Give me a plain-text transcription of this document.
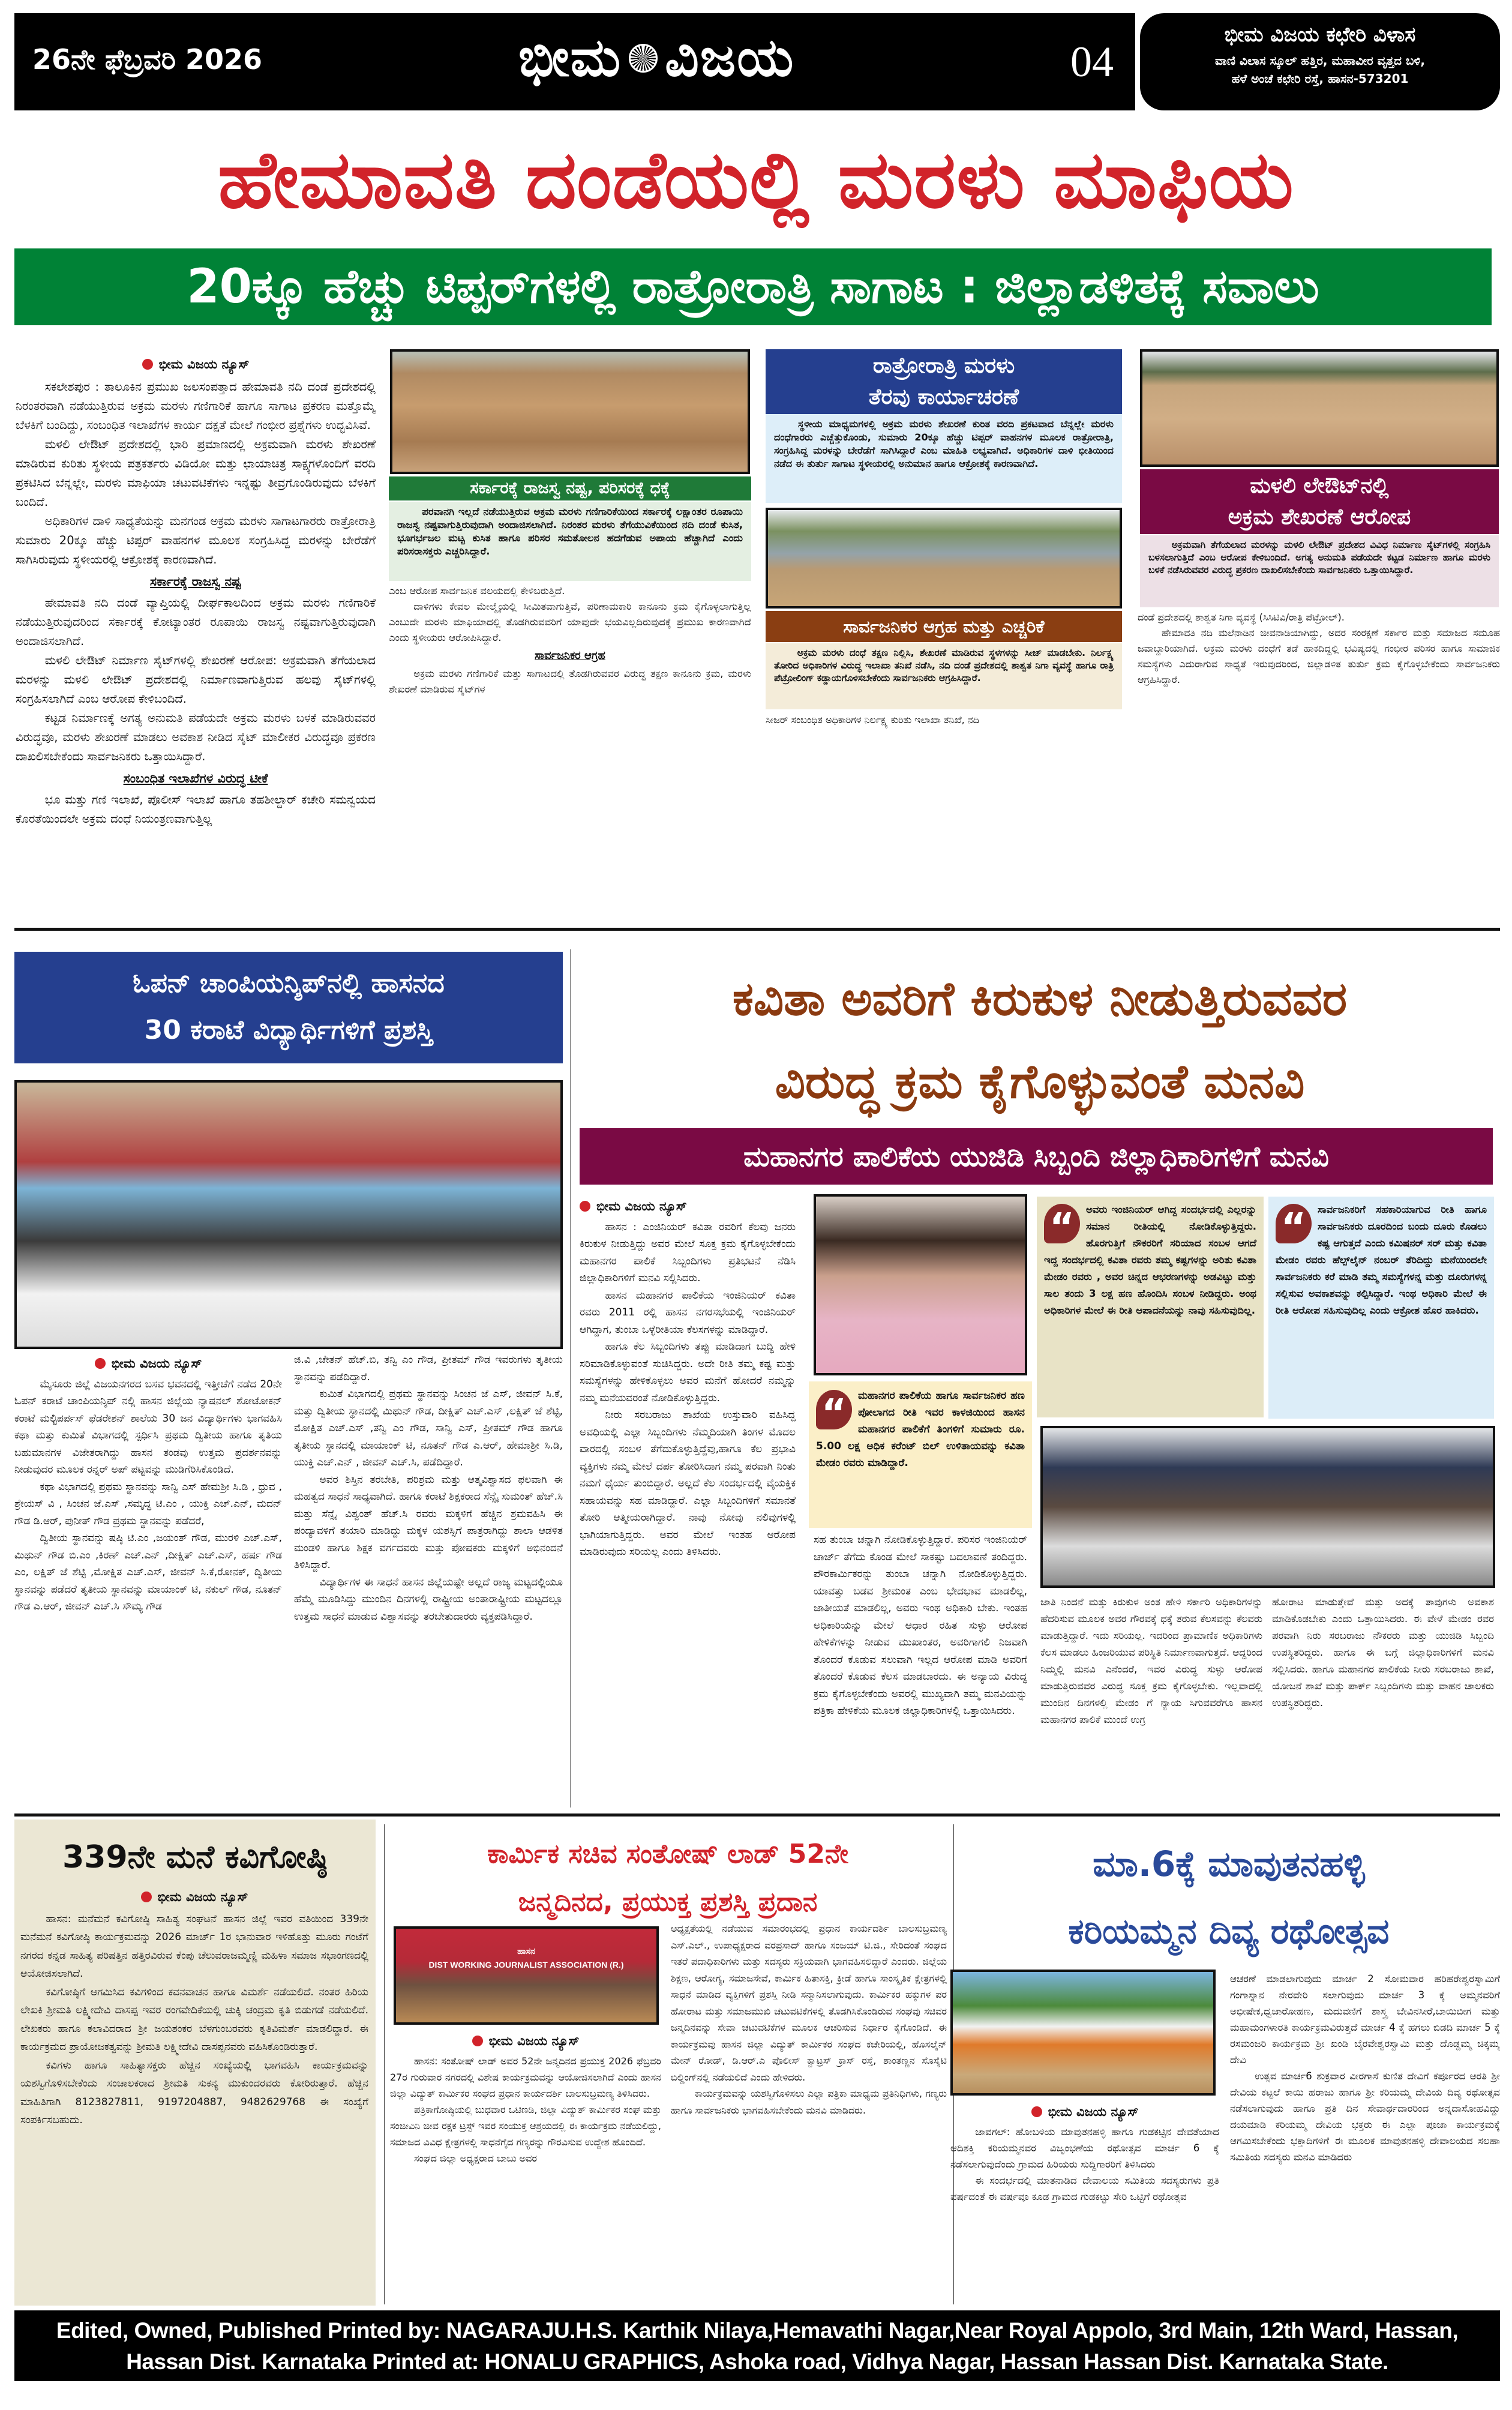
26ನೇ ಫೆಬ್ರವರಿ 2026	ಭೀಮ ವಿಜಯ	04
ಭೀಮ ವಿಜಯ ಕಛೇರಿ ವಿಳಾಸ
ವಾಣಿ ವಿಲಾಸ ಸ್ಕೂಲ್ ಹತ್ತಿರ, ಮಹಾವೀರ ವೃತ್ತದ ಬಳಿ,
ಹಳೆ ಅಂಚೆ ಕಛೇರಿ ರಸ್ತೆ, ಹಾಸನ-573201
ಹೇಮಾವತಿ ದಂಡೆಯಲ್ಲಿ ಮರಳು ಮಾಫಿಯ
20ಕ್ಕೂ ಹೆಚ್ಚು ಟಿಪ್ಪರ್‌ಗಳಲ್ಲಿ ರಾತ್ರೋರಾತ್ರಿ ಸಾಗಾಟ : ಜಿಲ್ಲಾಡಳಿತಕ್ಕೆ ಸವಾಲು
ಭೀಮ ವಿಜಯ ನ್ಯೂಸ್

ಸಕಲೇಶಪುರ : ತಾಲೂಕಿನ ಪ್ರಮುಖ ಜಲಸಂಪತ್ತಾದ ಹೇಮಾವತಿ ನದಿ ದಂಡೆ ಪ್ರದೇಶದಲ್ಲಿ ನಿರಂತರವಾಗಿ ನಡೆಯುತ್ತಿರುವ ಅಕ್ರಮ ಮರಳು ಗಣಿಗಾರಿಕೆ ಹಾಗೂ ಸಾಗಾಟ ಪ್ರಕರಣ ಮತ್ತೊಮ್ಮೆ ಬೆಳಕಿಗೆ ಬಂದಿದ್ದು, ಸಂಬಂಧಿತ ಇಲಾಖೆಗಳ ಕಾರ್ಯ ದಕ್ಷತೆ ಮೇಲೆ ಗಂಭೀರ ಪ್ರಶ್ನೆಗಳು ಉದ್ಭವಿಸಿವೆ.

ಮಳಲಿ ಲೇಔಟ್ ಪ್ರದೇಶದಲ್ಲಿ ಭಾರಿ ಪ್ರಮಾಣದಲ್ಲಿ ಅಕ್ರಮವಾಗಿ ಮರಳು ಶೇಖರಣೆ ಮಾಡಿರುವ ಕುರಿತು ಸ್ಥಳೀಯ ಪತ್ರಕರ್ತರು ವಿಡಿಯೋ ಮತ್ತು ಛಾಯಾಚಿತ್ರ ಸಾಕ್ಷ್ಯಗಳೊಂದಿಗೆ ವರದಿ ಪ್ರಕಟಿಸಿದ ಬೆನ್ನಲ್ಲೇ, ಮರಳು ಮಾಫಿಯಾ ಚಟುವಟಿಕೆಗಳು ಇನ್ನಷ್ಟು ತೀವ್ರಗೊಂಡಿರುವುದು ಬೆಳಕಿಗೆ ಬಂದಿದೆ.

ಅಧಿಕಾರಿಗಳ ದಾಳಿ ಸಾಧ್ಯತೆಯನ್ನು ಮನಗಂಡ ಅಕ್ರಮ ಮರಳು ಸಾಗಾಟಗಾರರು ರಾತ್ರೋರಾತ್ರಿ ಸುಮಾರು 20ಕ್ಕೂ ಹೆಚ್ಚು ಟಿಪ್ಪರ್ ವಾಹನಗಳ ಮೂಲಕ ಸಂಗ್ರಹಿಸಿದ್ದ ಮರಳನ್ನು ಬೇರೆಡೆಗೆ ಸಾಗಿಸಿರುವುದು ಸ್ಥಳೀಯರಲ್ಲಿ ಆಕ್ರೋಶಕ್ಕೆ ಕಾರಣವಾಗಿದೆ.

ಸರ್ಕಾರಕ್ಕೆ ರಾಜಸ್ವ ನಷ್ಟ

ಹೇಮಾವತಿ ನದಿ ದಂಡೆ ವ್ಯಾಪ್ತಿಯಲ್ಲಿ ದೀರ್ಘಕಾಲದಿಂದ ಅಕ್ರಮ ಮರಳು ಗಣಿಗಾರಿಕೆ ನಡೆಯುತ್ತಿರುವುದರಿಂದ ಸರ್ಕಾರಕ್ಕೆ ಕೋಟ್ಯಾಂತರ ರೂಪಾಯಿ ರಾಜಸ್ವ ನಷ್ಟವಾಗುತ್ತಿರುವುದಾಗಿ ಅಂದಾಜಿಸಲಾಗಿದೆ.

ಮಳಲಿ ಲೇಔಟ್ ನಿರ್ಮಾಣ ಸೈಟ್‌ಗಳಲ್ಲಿ ಶೇಖರಣೆ ಆರೋಪ: ಅಕ್ರಮವಾಗಿ ತೆಗೆಯಲಾದ ಮರಳನ್ನು ಮಳಲಿ ಲೇಔಟ್ ಪ್ರದೇಶದಲ್ಲಿ ನಿರ್ಮಾಣವಾಗುತ್ತಿರುವ ಹಲವು ಸೈಟ್‌ಗಳಲ್ಲಿ ಸಂಗ್ರಹಿಸಲಾಗಿದೆ ಎಂಬ ಆರೋಪ ಕೇಳಿಬಂದಿದೆ.

ಕಟ್ಟಡ ನಿರ್ಮಾಣಕ್ಕೆ ಅಗತ್ಯ ಅನುಮತಿ ಪಡೆಯದೇ ಅಕ್ರಮ ಮರಳು ಬಳಕೆ ಮಾಡಿರುವವರ ವಿರುದ್ಧವೂ, ಮರಳು ಶೇಖರಣೆ ಮಾಡಲು ಅವಕಾಶ ನೀಡಿದ ಸೈಟ್ ಮಾಲೀಕರ ವಿರುದ್ಧವೂ ಪ್ರಕರಣ ದಾಖಲಿಸಬೇಕೆಂದು ಸಾರ್ವಜನಿಕರು ಒತ್ತಾಯಿಸಿದ್ದಾರೆ.

ಸಂಬಂಧಿತ ಇಲಾಖೆಗಳ ವಿರುದ್ಧ ಟೀಕೆ

ಭೂ ಮತ್ತು ಗಣಿ ಇಲಾಖೆ, ಪೊಲೀಸ್ ಇಲಾಖೆ ಹಾಗೂ ತಹಶೀಲ್ದಾರ್ ಕಚೇರಿ ಸಮನ್ವಯದ ಕೊರತೆಯಿಂದಲೇ ಅಕ್ರಮ ದಂಧೆ ನಿಯಂತ್ರಣವಾಗುತ್ತಿಲ್ಲ

ಸರ್ಕಾರಕ್ಕೆ ರಾಜಸ್ವ ನಷ್ಟ, ಪರಿಸರಕ್ಕೆ ಧಕ್ಕೆ

ಪರವಾನಗಿ ಇಲ್ಲದೆ ನಡೆಯುತ್ತಿರುವ ಅಕ್ರಮ ಮರಳು ಗಣಿಗಾರಿಕೆಯಿಂದ ಸರ್ಕಾರಕ್ಕೆ ಲಕ್ಷಾಂತರ ರೂಪಾಯಿ ರಾಜಸ್ವ ನಷ್ಟವಾಗುತ್ತಿರುವುದಾಗಿ ಅಂದಾಜಿಸಲಾಗಿದೆ. ನಿರಂತರ ಮರಳು ತೆಗೆಯುವಿಕೆಯಿಂದ ನದಿ ದಂಡೆ ಕುಸಿತ, ಭೂಗರ್ಭಜಲ ಮಟ್ಟ ಕುಸಿತ ಹಾಗೂ ಪರಿಸರ ಸಮತೋಲನ ಹದಗೆಡುವ ಅಪಾಯ ಹೆಚ್ಚಾಗಿದೆ ಎಂದು ಪರಿಸರಾಸಕ್ತರು ಎಚ್ಚರಿಸಿದ್ದಾರೆ.

ಎಂಬ ಆರೋಪ ಸಾರ್ವಜನಿಕ ವಲಯದಲ್ಲಿ ಕೇಳಿಬರುತ್ತಿದೆ.

ದಾಳಿಗಳು ಕೇವಲ ಮೇಲ್ಮೈಯಲ್ಲಿ ಸೀಮಿತವಾಗುತ್ತಿವೆ, ಪರಿಣಾಮಕಾರಿ ಕಾನೂನು ಕ್ರಮ ಕೈಗೊಳ್ಳಲಾಗುತ್ತಿಲ್ಲ ಎಂಬುದೇ ಮರಳು ಮಾಫಿಯಾದಲ್ಲಿ ತೊಡಗಿರುವವರಿಗೆ ಯಾವುದೇ ಭಯವಿಲ್ಲದಿರುವುದಕ್ಕೆ ಪ್ರಮುಖ ಕಾರಣವಾಗಿದೆ ಎಂದು ಸ್ಥಳೀಯರು ಆರೋಪಿಸಿದ್ದಾರೆ.

ಸಾರ್ವಜನಿಕರ ಆಗ್ರಹ

ಅಕ್ರಮ ಮರಳು ಗಣಿಗಾರಿಕೆ ಮತ್ತು ಸಾಗಾಟದಲ್ಲಿ ತೊಡಗಿರುವವರ ವಿರುದ್ಧ ತಕ್ಷಣ ಕಾನೂನು ಕ್ರಮ, ಮರಳು ಶೇಖರಣೆ ಮಾಡಿರುವ ಸೈಟ್‌ಗಳ

ರಾತ್ರೋರಾತ್ರಿ ಮರಳು
ತೆರವು ಕಾರ್ಯಾಚರಣೆ

ಸ್ಥಳೀಯ ಮಾಧ್ಯಮಗಳಲ್ಲಿ ಅಕ್ರಮ ಮರಳು ಶೇಖರಣೆ ಕುರಿತ ವರದಿ ಪ್ರಕಟವಾದ ಬೆನ್ನಲ್ಲೇ ಮರಳು ದಂಧೆಗಾರರು ಎಚ್ಚೆತ್ತುಕೊಂಡು, ಸುಮಾರು 20ಕ್ಕೂ ಹೆಚ್ಚು ಟಿಪ್ಪರ್ ವಾಹನಗಳ ಮೂಲಕ ರಾತ್ರೋರಾತ್ರಿ, ಸಂಗ್ರಹಿಸಿದ್ದ ಮರಳನ್ನು ಬೇರೆಡೆಗೆ ಸಾಗಿಸಿದ್ದಾರೆ ಎಂಬ ಮಾಹಿತಿ ಲಭ್ಯವಾಗಿದೆ. ಅಧಿಕಾರಿಗಳ ದಾಳಿ ಭೀತಿಯಿಂದ ನಡೆದ ಈ ತುರ್ತು ಸಾಗಾಟ ಸ್ಥಳೀಯರಲ್ಲಿ ಅನುಮಾನ ಹಾಗೂ ಆಕ್ರೋಶಕ್ಕೆ ಕಾರಣವಾಗಿದೆ.

ಸಾರ್ವಜನಿಕರ ಆಗ್ರಹ ಮತ್ತು ಎಚ್ಚರಿಕೆ

ಅಕ್ರಮ ಮರಳು ದಂಧೆ ತಕ್ಷಣ ನಿಲ್ಲಿಸಿ, ಶೇಖರಣೆ ಮಾಡಿರುವ ಸ್ಥಳಗಳನ್ನು ಸೀಜ್ ಮಾಡಬೇಕು. ನಿರ್ಲಕ್ಷ್ಯ ತೋರಿದ ಅಧಿಕಾರಿಗಳ ವಿರುದ್ಧ ಇಲಾಖಾ ತನಿಖೆ ನಡೆಸಿ, ನದಿ ದಂಡೆ ಪ್ರದೇಶದಲ್ಲಿ ಶಾಶ್ವತ ನಿಗಾ ವ್ಯವಸ್ಥೆ ಹಾಗೂ ರಾತ್ರಿ ಪೆಟ್ರೋಲಿಂಗ್ ಕಡ್ಡಾಯಗೊಳಿಸಬೇಕೆಂದು ಸಾರ್ವಜನಿಕರು ಆಗ್ರಹಿಸಿದ್ದಾರೆ.

ಸೀಜರ್ ಸಂಬಂಧಿತ ಅಧಿಕಾರಿಗಳ ನಿರ್ಲಕ್ಷ್ಯ ಕುರಿತು ಇಲಾಖಾ ತನಿಖೆ, ನದಿ
ಮಳಲಿ ಲೇಔಟ್‌ನಲ್ಲಿ
ಅಕ್ರಮ ಶೇಖರಣೆ ಆರೋಪ

ಅಕ್ರಮವಾಗಿ ತೆಗೆಯಲಾದ ಮರಳನ್ನು ಮಳಲಿ ಲೇಔಟ್ ಪ್ರದೇಶದ ವಿವಿಧ ನಿರ್ಮಾಣ ಸೈಟ್‌ಗಳಲ್ಲಿ ಸಂಗ್ರಹಿಸಿ ಬಳಸಲಾಗುತ್ತಿದೆ ಎಂಬ ಆರೋಪ ಕೇಳಿಬಂದಿದೆ. ಅಗತ್ಯ ಅನುಮತಿ ಪಡೆಯದೇ ಕಟ್ಟಡ ನಿರ್ಮಾಣ ಹಾಗೂ ಮರಳು ಬಳಕೆ ನಡೆಸಿರುವವರ ವಿರುದ್ಧ ಪ್ರಕರಣ ದಾಖಲಿಸಬೇಕೆಂದು ಸಾರ್ವಜನಿಕರು ಒತ್ತಾಯಿಸಿದ್ದಾರೆ.

ದಂಡೆ ಪ್ರದೇಶದಲ್ಲಿ ಶಾಶ್ವತ ನಿಗಾ ವ್ಯವಸ್ಥೆ (ಸಿಸಿಟಿವಿ/ರಾತ್ರಿ ಪೆಟ್ರೋಲ್).

ಹೇಮಾವತಿ ನದಿ ಮಲೆನಾಡಿನ ಜೀವನಾಡಿಯಾಗಿದ್ದು, ಅದರ ಸಂರಕ್ಷಣೆ ಸರ್ಕಾರ ಮತ್ತು ಸಮಾಜದ ಸಮೂಹ ಜವಾಬ್ದಾರಿಯಾಗಿದೆ. ಅಕ್ರಮ ಮರಳು ದಂಧೆಗೆ ತಡೆ ಹಾಕದಿದ್ದಲ್ಲಿ ಭವಿಷ್ಯದಲ್ಲಿ ಗಂಭೀರ ಪರಿಸರ ಹಾಗೂ ಸಾಮಾಜಿಕ ಸಮಸ್ಯೆಗಳು ಎದುರಾಗುವ ಸಾಧ್ಯತೆ ಇರುವುದರಿಂದ, ಜಿಲ್ಲಾಡಳಿತ ತುರ್ತು ಕ್ರಮ ಕೈಗೊಳ್ಳಬೇಕೆಂದು ಸಾರ್ವಜನಿಕರು ಆಗ್ರಹಿಸಿದ್ದಾರೆ.

ಓಪನ್ ಚಾಂಪಿಯನ್ಶಿಪ್‌ನಲ್ಲಿ ಹಾಸನದ
30 ಕರಾಟೆ ವಿದ್ಯಾರ್ಥಿಗಳಿಗೆ ಪ್ರಶಸ್ತಿ
ಭೀಮ ವಿಜಯ ನ್ಯೂಸ್

ಮೈಸೂರು ಜಿಲ್ಲೆ ವಿಜಯನಗರದ ಬಸವ ಭವನದಲ್ಲಿ ಇತ್ತೀಚೆಗೆ ನಡೆದ 20ನೇ ಓಪನ್ ಕರಾಟೆ ಚಾಂಪಿಯನ್ಶಿಪ್ ನಲ್ಲಿ ಹಾಸನ ಜಿಲ್ಲೆಯ ನ್ಯಾಷನಲ್ ಶೋಟೋಕನ್ ಕರಾಟೆ ಮಲ್ಟಿಪರ್ಪಸ್ ಫೆಡರೇಶನ್ ಶಾಲೆಯ 30 ಜನ ವಿದ್ಯಾರ್ಥಿಗಳು ಭಾಗವಹಿಸಿ ಕಥಾ ಮತ್ತು ಕುಮಿತೆ ವಿಭಾಗದಲ್ಲಿ ಸ್ಪರ್ಧಿಸಿ ಪ್ರಥಮ ದ್ವಿತೀಯ ಹಾಗೂ ತೃತಿಯ ಬಹುಮಾನಗಳ ವಿಜೇತರಾಗಿದ್ದು ಹಾಸನ ತಂಡವು ಉತ್ತಮ ಪ್ರದರ್ಶನವನ್ನು ನೀಡುವುದರ ಮೂಲಕ ರನ್ನರ್ ಅಪ್ ಪಟ್ಟವನ್ನು ಮುಡಿಗೆರಿಸಿಕೊಂಡಿದೆ.

ಕಥಾ ವಿಭಾಗದಲ್ಲಿ ಪ್ರಥಮ ಸ್ಥಾನವನ್ನು ಸಾನ್ವಿ ಎಸ್ ಹೇಮಶ್ರೀ ಸಿ.ಡಿ , ಧ್ರುವ , ಶ್ರೇಯಸ್ ವಿ , ಸಿಂಚನ ಜೆ.ಎಸ್ ,ಸಮೃದ್ಧ ಟಿ.ಎಂ , ಯುಕ್ತಿ ಎಚ್.ಎನ್, ಮದನ್ ಗೌಡ ಡಿ.ಆರ್, ಪುನೀತ್ ಗೌಡ ಪ್ರಥಮ ಸ್ಥಾನವನ್ನು ಪಡೆದರೆ,

ದ್ವಿತೀಯ ಸ್ಥಾನವನ್ನು ಷಷ್ಠಿ ಟಿ.ಎಂ ,ಜಯಂತ್ ಗೌಡ, ಮುರಳಿ ಎಚ್.ಎಸ್, ಮಿಥುನ್ ಗೌಡ ಬಿ.ಎಂ ,ಕಿರಣ್ ಎಚ್.ಎನ್ ,ದೀಕ್ಷಿತ್ ಎಚ್.ಎಸ್, ಹರ್ಷ ಗೌಡ ಎಂ, ಲಕ್ಷಿತ್ ಜೆ ಶೆಟ್ಟಿ ,ಮೋಕ್ಷಿತ ಎಚ್.ಎಸ್, ಜೀವನ್ ಸಿ.ಕೆ,ರೋನಕ್, ದ್ವಿತೀಯ ಸ್ಥಾನವನ್ನು ಪಡೆದರೆ ತೃತೀಯ ಸ್ಥಾನವನ್ನು ಮಾಯಾಂಕ್ ಟಿ, ನಕುಲ್ ಗೌಡ, ನೂತನ್ ಗೌಡ ಎ.ಆರ್, ಜೀವನ್ ಎಚ್.ಸಿ ಸೌಮ್ಯ ಗೌಡ

ಜಿ.ವಿ ,ಚೇತನ್ ಹೆಚ್.ಬಿ, ತನ್ವಿ ಎಂ ಗೌಡ, ಪ್ರೀತಮ್ ಗೌಡ ಇವರುಗಳು ತೃತೀಯ ಸ್ಥಾನವನ್ನು ಪಡೆದಿದ್ದಾರೆ.

ಕುಮಿತೆ ವಿಭಾಗದಲ್ಲಿ ಪ್ರಥಮ ಸ್ಥಾನವನ್ನು ಸಿಂಚನ ಜೆ ಎಸ್, ಜೀವನ್ ಸಿ.ಕೆ, ಮತ್ತು ದ್ವಿತೀಯ ಸ್ಥಾನದಲ್ಲಿ ಮಿಥುನ್ ಗೌಡ, ದೀಕ್ಷಿತ್ ಎಚ್.ಎಸ್ ,ಲಕ್ಷಿತ್ ಜೆ ಶೆಟ್ಟಿ, ಮೋಕ್ಷಿತ ಎಚ್.ಎಸ್ ,ತನ್ವಿ ಎಂ ಗೌಡ, ಸಾನ್ವಿ ಎಸ್, ಪ್ರೀತಮ್ ಗೌಡ ಹಾಗೂ ತೃತೀಯ ಸ್ಥಾನದಲ್ಲಿ ಮಾಯಾಂಕ್ ಟಿ, ನೂತನ್ ಗೌಡ ಎ.ಆರ್, ಹೇಮಾಶ್ರೀ ಸಿ.ಡಿ, ಯುಕ್ತಿ ಎಚ್.ಎನ್ , ಜೀವನ್ ಎಚ್.ಸಿ, ಪಡೆದಿದ್ದಾರೆ.

ಅವರ ಶಿಸ್ತಿನ ತರಬೇತಿ, ಪರಿಶ್ರಮ ಮತ್ತು ಆತ್ಮವಿಶ್ವಾಸದ ಫಲವಾಗಿ ಈ ಮಹತ್ವದ ಸಾಧನೆ ಸಾಧ್ಯವಾಗಿದೆ. ಹಾಗೂ ಕರಾಟೆ ಶಿಕ್ಷಕರಾದ ಸೆನ್ಸೈ ಸುಮಂತ್ ಹೆಚ್.ಸಿ ಮತ್ತು ಸೆನ್ಸೈ ವಿಶ್ವಂತ್ ಹೆಚ್.ಸಿ ರವರು ಮಕ್ಕಳಿಗೆ ಹೆಚ್ಚಿನ ಶ್ರಮವಹಿಸಿ ಈ ಪಂದ್ಯಾವಳಿಗೆ ತಯಾರಿ ಮಾಡಿದ್ದು ಮಕ್ಕಳ ಯಶಸ್ಸಿಗೆ ಪಾತ್ರರಾಗಿದ್ದು ಶಾಲಾ ಆಡಳಿತ ಮಂಡಳಿ ಹಾಗೂ ಶಿಕ್ಷಕ ವರ್ಗದವರು ಮತ್ತು ಪೋಷಕರು ಮಕ್ಕಳಿಗೆ ಅಭಿನಂದನೆ ತಿಳಿಸಿದ್ದಾರೆ.

ವಿದ್ಯಾರ್ಥಿಗಳ ಈ ಸಾಧನೆ ಹಾಸನ ಜಿಲ್ಲೆಯಷ್ಟೇ ಅಲ್ಲದೆ ರಾಜ್ಯ ಮಟ್ಟದಲ್ಲಿಯೂ ಹೆಮ್ಮೆ ಮೂಡಿಸಿದ್ದು ಮುಂದಿನ ದಿನಗಳಲ್ಲಿ ರಾಷ್ಟ್ರೀಯ ಅಂತಾರಾಷ್ಟ್ರೀಯ ಮಟ್ಟದಲ್ಲೂ ಉತ್ತಮ ಸಾಧನೆ ಮಾಡುವ ವಿಶ್ವಾಸವನ್ನು ತರಬೇತುದಾರರು ವ್ಯಕ್ತಪಡಿಸಿದ್ದಾರೆ.

ಕವಿತಾ ಅವರಿಗೆ ಕಿರುಕುಳ ನೀಡುತ್ತಿರುವವರ
ವಿರುದ್ಧ ಕ್ರಮ ಕೈಗೊಳ್ಳುವಂತೆ ಮನವಿ
ಮಹಾನಗರ ಪಾಲಿಕೆಯ ಯುಜಿಡಿ ಸಿಬ್ಬಂದಿ ಜಿಲ್ಲಾಧಿಕಾರಿಗಳಿಗೆ ಮನವಿ
ಭೀಮ ವಿಜಯ ನ್ಯೂಸ್

ಹಾಸನ : ಎಂಜಿನಿಯರ್ ಕವಿತಾ ರವರಿಗೆ ಕೆಲವು ಜನರು ಕಿರುಕುಳ ನೀಡುತ್ತಿದ್ದು ಅವರ ಮೇಲೆ ಸೂಕ್ತ ಕ್ರಮ ಕೈಗೊಳ್ಳಬೇಕೆಂದು ಮಹಾನಗರ ಪಾಲಿಕೆ ಸಿಬ್ಬಂದಿಗಳು ಪ್ರತಿಭಟನೆ ನೆಡಿಸಿ ಜಿಲ್ಲಾಧಿಕಾರಿಗಳಿಗೆ ಮನವಿ ಸಲ್ಲಿಸಿದರು.

ಹಾಸನ ಮಹಾನಗರ ಪಾಲಿಕೆಯ ಇಂಜಿನಿಯರ್ ಕವಿತಾ ರವರು 2011 ರಲ್ಲಿ ಹಾಸನ ನಗರಸಭೆಯಲ್ಲಿ ಇಂಜಿನಿಯರ್ ಆಗಿದ್ದಾಗ, ತುಂಬಾ ಒಳ್ಳೆರೀತಿಯಾ ಕೆಲಸಗಳನ್ನು ಮಾಡಿದ್ದಾರೆ.

ಹಾಗೂ ಕೆಲ ಸಿಬ್ಬಂದಿಗಳು ತಪ್ಪು ಮಾಡಿದಾಗ ಬುದ್ಧಿ ಹೇಳಿ ಸರಿಮಾಡಿಕೊಳ್ಳುವಂತೆ ಸುಚಿಸಿದ್ದರು. ಅದೇ ರೀತಿ ತಮ್ಮ ಕಷ್ಟ ಮತ್ತು ಸಮಸ್ಯೆಗಳನ್ನು ಹೇಳಿಕೊಳ್ಳಲು ಅವರ ಮನೆಗೆ ಹೋದರೆ ನಮ್ಮನ್ನು ನಮ್ಮ ಮನೆಯವರಂತೆ ನೋಡಿಕೊಳ್ಳುತ್ತಿದ್ದರು.

ನೀರು ಸರಬರಾಜು ಶಾಖೆಯ ಉಸ್ತುವಾರಿ ವಹಿಸಿದ್ದ ಅವಧಿಯಲ್ಲಿ ಎಲ್ಲಾ ಸಿಬ್ಬಂದಿಗಳು ನೆಮ್ಮದಿಯಾಗಿ ತಿಂಗಳ ಮೊದಲ ವಾರದಲ್ಲಿ ಸಂಬಳ ತೆಗೆದುಕೊಳ್ಳುತ್ತಿದ್ದೆವು,ಹಾಗೂ ಕೆಲ ಪ್ರಭಾವಿ ವ್ಯಕ್ತಿಗಳು ನಮ್ಮ ಮೇಲೆ ದರ್ಪ ತೋರಿಸಿದಾಗ ನಮ್ಮ ಪರವಾಗಿ ನಿಂತು ನಮಗೆ ಧೈರ್ಯ ತುಂಬಿದ್ದಾರೆ. ಅಲ್ಲದೆ ಕೆಲ ಸಂದರ್ಭದಲ್ಲಿ ವೈಯಕ್ತಿಕ ಸಹಾಯವನ್ನು ಸಹ ಮಾಡಿದ್ದಾರೆ. ಎಲ್ಲಾ ಸಿಬ್ಬಂದಿಗಳಿಗೆ ಸಮಾನತೆ ತೋರಿ ಆತ್ಮೀಯರಾಗಿದ್ದಾರೆ. ನಾವು ನೋವು ನಲಿವುಗಳಲ್ಲಿ ಭಾಗಿಯಾಗುತ್ತಿದ್ದರು. ಅವರ ಮೇಲೆ ಇಂತಹ ಆರೋಪ ಮಾಡಿರುವುದು ಸರಿಯಲ್ಲ ಎಂದು ತಿಳಿಸಿದರು.

“	ಮಹಾನಗರ ಪಾಲಿಕೆಯ ಹಾಗೂ ಸಾರ್ವಜನಿಕರ ಹಣ ಪೋಲಾಗದ ರೀತಿ ಇವರ ಕಾಳಜಿಯಿಂದ ಹಾಸನ ಮಹಾನಗರ ಪಾಲಿಕೆಗೆ ತಿಂಗಳಿಗೆ ಸುಮಾರು ರೂ. 5.00 ಲಕ್ಷ ಅಧಿಕ ಕರೆಂಟ್ ಬಿಲ್ ಉಳಿತಾಯವನ್ನು ಕವಿತಾ ಮೇಡಂ ರವರು ಮಾಡಿದ್ದಾರೆ.
ಸಹ ತುಂಬಾ ಚನ್ನಾಗಿ ನೋಡಿಕೊಳ್ಳುತ್ತಿದ್ದಾರೆ. ಪರಿಸರ ಇಂಜಿನಿಯರ್ ಚಾರ್ಜ್ ತೆಗೆದು ಕೊಂಡ ಮೇಲೆ ಸಾಕಷ್ಟು ಬದಲಾವಣೆ ತಂದಿದ್ದರು. ಪೌರಕಾರ್ಮಿಕರನ್ನು ತುಂಬಾ ಚನ್ನಾಗಿ ನೋಡಿಕೊಳ್ಳುತ್ತಿದ್ದರು. ಯಾವತ್ತು ಬಡವ ಶ್ರೀಮಂತ ಎಂಬ ಭೇದಭಾವ ಮಾಡಲಿಲ್ಲ, ಜಾತೀಯತೆ ಮಾಡಲಿಲ್ಲ, ಅವರು ಇಂಥ ಅಧಿಕಾರಿ ಬೇಕು. ಇಂತಹ ಅಧಿಕಾರಿಯನ್ನು ಮೇಲೆ ಆಧಾರ ರಹಿತ ಸುಳ್ಳು ಆರೋಪ ಹೇಳಿಕೆಗಳನ್ನು ನೀಡುವ ಮುಖಾಂತರ, ಅವರಿಗಾಗಲಿ ನಿಜವಾಗಿ ತೊಂದರೆ ಕೊಡುವ ಸಲುವಾಗಿ ಇಲ್ಲದ ಆರೋಪ ಮಾಡಿ ಅವರಿಗೆ ತೊಂದರೆ ಕೊಡುವ ಕೆಲಸ ಮಾಡಬಾರದು. ಈ ಅನ್ಯಾಯ ವಿರುದ್ಧ ಕ್ರಮ ಕೈಗೊಳ್ಳಬೇಕೆಂದು ಅವರಲ್ಲಿ ಮುಖ್ಯವಾಗಿ ತಮ್ಮ ಮನವಿಯನ್ನು ಪತ್ರಿಕಾ ಹೇಳಿಕೆಯ ಮೂಲಕ ಜಿಲ್ಲಾಧಿಕಾರಿಗಳಲ್ಲಿ ಒತ್ತಾಯಿಸಿದರು.
“	ಅವರು ಇಂಜಿನಿಯರ್ ಆಗಿದ್ದ ಸಂದರ್ಭದಲ್ಲಿ ಎಲ್ಲರನ್ನು ಸಮಾನ ರೀತಿಯಲ್ಲಿ ನೋಡಿಕೊಳ್ಳುತ್ತಿದ್ದರು. ಹೊರಗುತ್ತಿಗೆ ನೌಕರರಿಗೆ ಸರಿಯಾದ ಸಂಬಳ ಆಗದೆ ಇದ್ದ ಸಂದರ್ಭದಲ್ಲಿ ಕವಿತಾ ರವರು ತಮ್ಮ ಕಷ್ಟಗಳನ್ನು ಅರಿತು ಕವಿತಾ ಮೇಡಂ ರವರು , ಅವರ ಚಿನ್ನದ ಆಭರಣಗಳನ್ನು ಅಡವಿಟ್ಟು ಮತ್ತು ಸಾಲ ತಂದು 3 ಲಕ್ಷ ಹಣ ಹೊಂದಿಸಿ ಸಂಬಳ ನೀಡಿದ್ದರು. ಅಂಥ ಅಧಿಕಾರಿಗಳ ಮೇಲೆ ಈ ರೀತಿ ಆಪಾದನೆಯನ್ನು ನಾವು ಸಹಿಸುವುದಿಲ್ಲ.
“	ಸಾರ್ವಜನಿಕರಿಗೆ ಸಹಕಾರಿಯಾಗುವ ರೀತಿ ಹಾಗೂ ಸಾರ್ವಜನಿಕರು ದೂರದಿಂದ ಬಂದು ದೂರು ಕೊಡಲು ಕಷ್ಟ ಆಗುತ್ತದೆ ಎಂದು ಕಮಿಷನರ್ ಸರ್ ಮತ್ತು ಕವಿತಾ ಮೇಡಂ ರವರು ಹೆಲ್ಪ್‌ಲೈನ್ ನಂಬರ್ ತೆರಿದಿದ್ದು ಮನೆಯಿಂದಲೇ ಸಾರ್ವಜನಿಕರು ಕರೆ ಮಾಡಿ ತಮ್ಮ ಸಮಸ್ಯೆಗಳನ್ನ ಮತ್ತು ದೂರುಗಳನ್ನ ಸಲ್ಲಿಸುವ ಅವಕಾಶವನ್ನು ಕಲ್ಪಿಸಿದ್ದಾರೆ. ಇಂಥ ಅಧಿಕಾರಿ ಮೇಲೆ ಈ ರೀತಿ ಆರೋಪ ಸಹಿಸುವುದಿಲ್ಲ ಎಂದು ಆಕ್ರೋಶ ಹೊರ ಹಾಕಿದರು.
ಜಾತಿ ನಿಂದನೆ ಮತ್ತು ಕಿರುಕುಳ ಅಂತ ಹೇಳಿ ಸರ್ಕಾರಿ ಅಧಿಕಾರಿಗಳನ್ನು ಹೆದರಿಸುವ ಮೂಲಕ ಅವರ ಗೌರವಕ್ಕೆ ಧಕ್ಕೆ ತರುವ ಕೆಲಸವನ್ನು ಕೆಲವರು ಮಾಡುತ್ತಿದ್ದಾರೆ. ಇದು ಸರಿಯಲ್ಲ. ಇದರಿಂದ ಪ್ರಾಮಾಣಿಕ ಅಧಿಕಾರಿಗಳು ಕೆಲಸ ಮಾಡಲು ಹಿಂಜರಿಯುವ ಪರಿಸ್ಥಿತಿ ನಿರ್ಮಾಣವಾಗುತ್ತದೆ. ಆದ್ದರಿಂದ ನಿಮ್ಮಲ್ಲಿ ಮನವಿ ಎನೆಂದರೆ, ಇವರ ವಿರುದ್ಧ ಸುಳ್ಳು ಆರೋಪ ಮಾಡುತ್ತಿರುವವರ ವಿರುದ್ಧ ಸೂಕ್ತ ಕ್ರಮ ಕೈಗೊಳ್ಳಬೇಕು. ಇಲ್ಲವಾದಲ್ಲಿ ಮುಂದಿನ ದಿನಗಳಲ್ಲಿ ಮೇಡಂ ಗೆ ನ್ಯಾಯ ಸಿಗುವವರೆಗೂ ಹಾಸನ ಮಹಾನಗರ ಪಾಲಿಕೆ ಮುಂದೆ ಉಗ್ರ
ಹೋರಾಟ ಮಾಡುತ್ತೇವೆ ಮತ್ತು ಅದಕ್ಕೆ ತಾವುಗಳು ಅವಕಾಶ ಮಾಡಿಕೊಡಬೇಕು ಎಂದು ಒತ್ತಾಯಿಸಿದರು. ಈ ವೇಳೆ ಮೇಡಂ ರವರ ಪರವಾಗಿ ನಿರು ಸರಬರಾಜು ನೌಕರರು ಮತ್ತು ಯುಜಿಡಿ ಸಿಬ್ಬಂದಿ ಉಪಸ್ಥಿತರಿದ್ದರು. ಹಾಗೂ ಈ ಬಗ್ಗೆ ಜಿಲ್ಲಾಧಿಕಾರಿಗಳಿಗೆ ಮನವಿ ಸಲ್ಲಿಸಿದರು. ಹಾಗೂ ಮಹಾನಗರ ಪಾಲಿಕೆಯ ನೀರು ಸರಬರಾಜು ಶಾಖೆ, ಯೋಜನೆ ಶಾಖೆ ಮತ್ತು ಪಾರ್ಕ್ ಸಿಬ್ಬಂದಿಗಳು ಮತ್ತು ವಾಹನ ಚಾಲಕರು ಉಪಸ್ಥಿತರಿದ್ದರು.
339ನೇ ಮನೆ ಕವಿಗೋಷ್ಠಿ
ಭೀಮ ವಿಜಯ ನ್ಯೂಸ್

ಹಾಸನ: ಮನೆಮನೆ ಕವಿಗೋಷ್ಠಿ ಸಾಹಿತ್ಯ ಸಂಘಟನೆ ಹಾಸನ ಜಿಲ್ಲೆ ಇವರ ವತಿಯಿಂದ 339ನೇ ಮನೆಮನೆ ಕವಿಗೋಷ್ಠಿ ಕಾರ್ಯಕ್ರಮವನ್ನು 2026 ಮಾರ್ಚ್ 1ರ ಭಾನುವಾರ ಇಳಿಹೊತ್ತು ಮೂರು ಗಂಟೆಗೆ ನಗರದ ಕನ್ನಡ ಸಾಹಿತ್ಯ ಪರಿಷತ್ತಿನ ಹತ್ತಿರವಿರುವ ಕೆಂಪು ಚೆಲುವರಾಜಮ್ಮಣ್ಣಿ ಮಹಿಳಾ ಸಮಾಜ ಸಭಾಂಗಣದಲ್ಲಿ ಆಯೋಜಿಸಲಾಗಿದೆ.

ಕವಿಗೋಷ್ಠಿಗೆ ಆಗಮಿಸಿದ ಕವಿಗಳಿಂದ ಕವನವಾಚನ ಹಾಗೂ ವಿಮರ್ಶೆ ನಡೆಯಲಿದೆ. ನಂತರ ಹಿರಿಯ ಲೇಖಕಿ ಶ್ರೀಮತಿ ಲಕ್ಷ್ಮೀದೇವಿ ದಾಸಪ್ಪ ಇವರ ರಂಗವೇದಿಕೆಯಲ್ಲಿ ಚುಕ್ಕಿ ಚಂದ್ರಮ ಕೃತಿ ಬಿಡುಗಡೆ ನಡೆಯಲಿದೆ. ಲೇಖಕರು ಹಾಗೂ ಕಲಾವಿದರಾದ ಶ್ರೀ ಜಯಶಂಕರ ಬೆಳಗುಂಬರವರು ಕೃತಿವಿಮರ್ಶೆ ಮಾಡಲಿದ್ದಾರೆ. ಈ ಕಾರ್ಯಕ್ರಮದ ಪ್ರಾಯೋಜಕತ್ವವನ್ನು ಶ್ರೀಮತಿ ಲಕ್ಷ್ಮೀದೇವಿ ದಾಸಪ್ಪನವರು ವಹಿಸಿಕೊಂಡಿರುತ್ತಾರೆ.

ಕವಿಗಳು ಹಾಗೂ ಸಾಹಿತ್ಯಾಸಕ್ತರು ಹೆಚ್ಚಿನ ಸಂಖ್ಯೆಯಲ್ಲಿ ಭಾಗವಹಿಸಿ ಕಾರ್ಯಕ್ರಮವನ್ನು ಯಶಸ್ವಿಗೊಳಿಸಬೇಕೆಂದು ಸಂಚಾಲಕರಾದ ಶ್ರೀಮತಿ ಸುಕನ್ಯ ಮುಕುಂದರವರು ಕೋರಿರುತ್ತಾರೆ. ಹೆಚ್ಚಿನ ಮಾಹಿತಿಗಾಗಿ 8123827811, 9197204887, 9482629768 ಈ ಸಂಖ್ಯೆಗೆ ಸಂಪರ್ಕಿಸಬಹುದು.

ಕಾರ್ಮಿಕ ಸಚಿವ ಸಂತೋಷ್ ಲಾಡ್ 52ನೇ
ಜನ್ಮದಿನದ, ಪ್ರಯುಕ್ತ ಪ್ರಶಸ್ತಿ ಪ್ರದಾನ
ಹಾಸನ
DIST WORKING JOURNALIST ASSOCIATION (R.)
ಭೀಮ ವಿಜಯ ನ್ಯೂಸ್

ಹಾಸನ: ಸಂತೋಷ್ ಲಾಡ್ ಅವರ 52ನೇ ಜನ್ಮದಿನದ ಪ್ರಯುಕ್ತ 2026 ಫೆಬ್ರವರಿ 27ರ ಗುರುವಾರ ನಗರದಲ್ಲಿ ವಿಶೇಷ ಕಾರ್ಯಕ್ರಮವನ್ನು ಆಯೋಜಿಸಲಾಗಿದೆ ಎಂದು ಹಾಸನ ಜಿಲ್ಲಾ ವಿದ್ಯುತ್ ಕಾರ್ಮಿಕರ ಸಂಘದ ಪ್ರಧಾನ ಕಾರ್ಯದರ್ಶಿ ಬಾಲಸುಬ್ರಮಣ್ಯ ತಿಳಿಸಿದರು.

ಪತ್ರಿಕಾಗೋಷ್ಠಿಯಲ್ಲಿ ಬುಧವಾರ ಒಟಿಣಡಿ, ಜಿಲ್ಲಾ ವಿದ್ಯುತ್ ಕಾರ್ಮಿಕರ ಸಂಘ ಮತ್ತು ಸಂಜೀವಿನಿ ಜೀವ ರಕ್ಷಕ ಟ್ರಸ್ಟ್ ಇವರ ಸಂಯುಕ್ತ ಆಶ್ರಯದಲ್ಲಿ ಈ ಕಾರ್ಯಕ್ರಮ ನಡೆಯಲಿದ್ದು, ಸಮಾಜದ ವಿವಿಧ ಕ್ಷೇತ್ರಗಳಲ್ಲಿ ಸಾಧನೆಗೈದ ಗಣ್ಯರನ್ನು ಗೌರವಿಸುವ ಉದ್ದೇಶ ಹೊಂದಿದೆ.

ಸಂಘದ ಜಿಲ್ಲಾ ಅಧ್ಯಕ್ಷರಾದ ಬಾಬು ಅವರ

ಅಧ್ಯಕ್ಷತೆಯಲ್ಲಿ ನಡೆಯುವ ಸಮಾರಂಭದಲ್ಲಿ ಪ್ರಧಾನ ಕಾರ್ಯದರ್ಶಿ ಬಾಲಸುಬ್ರಮಣ್ಯ ಎಸ್.ಎಲ್., ಉಪಾಧ್ಯಕ್ಷರಾದ ವರಪ್ರಸಾದ್ ಹಾಗೂ ಸಂಜಯ್ ಟಿ.ಜಿ., ಸೇರಿದಂತೆ ಸಂಘದ ಇತರೆ ಪದಾಧಿಕಾರಿಗಳು ಮತ್ತು ಸದಸ್ಯರು ಸಕ್ರಿಯವಾಗಿ ಭಾಗವಹಿಸಲಿದ್ದಾರೆ ಎಂದರು. ಜಿಲ್ಲೆಯ ಶಿಕ್ಷಣ, ಆರೋಗ್ಯ, ಸಮಾಜಸೇವೆ, ಕಾರ್ಮಿಕ ಹಿತಾಸಕ್ತಿ, ಕ್ರೀಡೆ ಹಾಗೂ ಸಾಂಸ್ಕೃತಿಕ ಕ್ಷೇತ್ರಗಳಲ್ಲಿ ಸಾಧನೆ ಮಾಡಿದ ವ್ಯಕ್ತಿಗಳಿಗೆ ಪ್ರಶಸ್ತಿ ನೀಡಿ ಸನ್ಮಾನಿಸಲಾಗುವುದು. ಕಾರ್ಮಿಕರ ಹಕ್ಕುಗಳ ಪರ ಹೋರಾಟ ಮತ್ತು ಸಮಾಜಮುಖಿ ಚಟುವಟಿಕೆಗಳಲ್ಲಿ ತೊಡಗಿಸಿಕೊಂಡಿರುವ ಸಂಘವು ಸಚಿವರ ಜನ್ಮದಿನವನ್ನು ಸೇವಾ ಚಟುವಟಿಕೆಗಳ ಮೂಲಕ ಆಚರಿಸುವ ನಿರ್ಧಾರ ಕೈಗೊಂಡಿದೆ. ಈ ಕಾರ್ಯಕ್ರಮವು ಹಾಸನ ಜಿಲ್ಲಾ ವಿದ್ಯುತ್ ಕಾರ್ಮಿಕರ ಸಂಘದ ಕಚೇರಿಯಲ್ಲಿ, ಹೊಸಲೈನ್ ಮೇನ್ ರೋಡ್, ಡಿ.ಆರ್.ಎ ಪೊಲೀಸ್ ಕ್ವಾಟ್ರಸ್ ಕ್ರಾಸ್ ರಸ್ತೆ, ಶಾಂತಣ್ಣನ ಸೊಸೈಟಿ ಬಿಲ್ಡಿಂಗ್‌ನಲ್ಲಿ ನಡೆಯಲಿದೆ ಎಂದು ಹೇಳಿದರು.

ಕಾರ್ಯಕ್ರಮವನ್ನು ಯಶಸ್ವಿಗೊಳಿಸಲು ಎಲ್ಲಾ ಪತ್ರಿಕಾ ಮಾಧ್ಯಮ ಪ್ರತಿನಿಧಿಗಳು, ಗಣ್ಯರು ಹಾಗೂ ಸಾರ್ವಜನಿಕರು ಭಾಗವಹಿಸಬೇಕೆಂದು ಮನವಿ ಮಾಡಿದರು.

ಮಾ.6ಕ್ಕೆ ಮಾವುತನಹಳ್ಳಿ
ಕರಿಯಮ್ಮನ ದಿವ್ಯ ರಥೋತ್ಸವ
ಭೀಮ ವಿಜಯ ನ್ಯೂಸ್

ಜಾವಗಲ್: ಹೋಬಳಿಯ ಮಾವುತನಹಳ್ಳಿ ಹಾಗೂ ಗುಡಕಟ್ಟಿನ ದೇವತೆಯಾದ ಆದಿಶಕ್ತಿ ಕರಿಯಮ್ಮನವರ ವಿಜೃಂಭಣೆಯ ರಥೋತ್ಸವ ಮಾರ್ಚ 6 ಕ್ಕೆ ನಡೆಸಲಾಗುವುದೆಂದು ಗ್ರಾಮದ ಹಿರಿಯರು ಸುದ್ದಿಗಾರರಿಗೆ ತಿಳಿಸಿದರು

ಈ ಸಂದರ್ಭದಲ್ಲಿ ಮಾತನಾಡಿದ ದೇವಾಲಯ ಸಮಿತಿಯ ಸದಸ್ಯರುಗಳು ಪ್ರತಿ ವರ್ಷದಂತೆ ಈ ವರ್ಷವೂ ಕೂಡ ಗ್ರಾಮದ ಗುಡಕಟ್ಟು ಸೇರಿ ಒಟ್ಟಿಗೆ ರಥೋತ್ಸವ

ಆಚರಣೆ ಮಾಡಲಾಗುವುದು ಮಾರ್ಚ 2 ಸೋಮವಾರ ಹರಿಹರೇಶ್ವರಸ್ವಾಮಿಗೆ ಗಂಗಾಸ್ನಾನ ನೇರವೇರಿ ಸಲಾಗುವುದು ಮಾರ್ಚ 3 ಕ್ಕೆ ಅಮ್ಮನವರಿಗೆ ಅಭೀಷೇಕ,ಧ್ವಜಾರೋಹಣ, ಮದುವಣಿಗೆ ಶಾಸ್ತ್ರ ಬೇವಿನಸೀರೆ,ಬಾಯಿಬೀಗ ಮತ್ತು ಮಹಾಮಂಗಳಾರತಿ ಕಾರ್ಯಕ್ರಮವಿರುತ್ತದೆ ಮಾರ್ಚ 4 ಕ್ಕೆ ಹಗಲು ಬಿಡದಿ ಮಾರ್ಚ 5 ಕ್ಕೆ ರಸಮಂಜರಿ ಕಾರ್ಯಕ್ರಮ ಶ್ರೀ ಖಂಡಿ ಬೈರವೇಶ್ವರಸ್ವಾಮಿ ಮತ್ತು ದೊಡ್ಡಮ್ಮ ಚಿಕ್ಕಮ್ಮ ದೇವಿ

ಉತ್ಸವ ಮಾರ್ಚ6 ಶುಕ್ರವಾರ ವೀರಗಾಸೆ ಕುಣಿತ ದೇವಿಗೆ ಕರ್ಪೂರದ ಆರತಿ ಶ್ರೀ ದೇವಿಯ ಕಟ್ಟಲೆ ಕಾಯಿ ಹರಾಜು ಹಾಗೂ ಶ್ರೀ ಕರಿಯಮ್ಮ ದೇವಿಯ ದಿವ್ಯ ರಥೋತ್ಸವ ನಡೆಸಲಾಗುವುದು ಹಾಗೂ ಪ್ರತಿ ದಿನ ಸೇವಾರ್ಥದಾರರಿಂದ ಅನ್ನದಾಸೋಹವಿದ್ದು ದಯಮಾಡಿ ಕರಿಯಮ್ಮ ದೇವಿಯ ಭಕ್ತರು ಈ ಎಲ್ಲಾ ಪೂಜಾ ಕಾರ್ಯಕ್ರಮಕ್ಕೆ ಆಗಮಿಸಬೇಕೆಂದು ಭಕ್ತಾದಿಗಳಿಗೆ ಈ ಮೂಲಕ ಮಾವುತನಹಳ್ಳಿ ದೇವಾಲಯದ ಸಲಹಾ ಸಮಿತಿಯ ಸದಸ್ಯರು ಮನವಿ ಮಾಡಿದರು

Edited, Owned, Published Printed by: NAGARAJU.H.S. Karthik Nilaya,Hemavathi Nagar,Near Royal Appolo, 3rd Main, 12th Ward, Hassan,
Hassan Dist. Karnataka Printed at: HONALU GRAPHICS, Ashoka road, Vidhya Nagar, Hassan Hassan Dist. Karnataka State.
